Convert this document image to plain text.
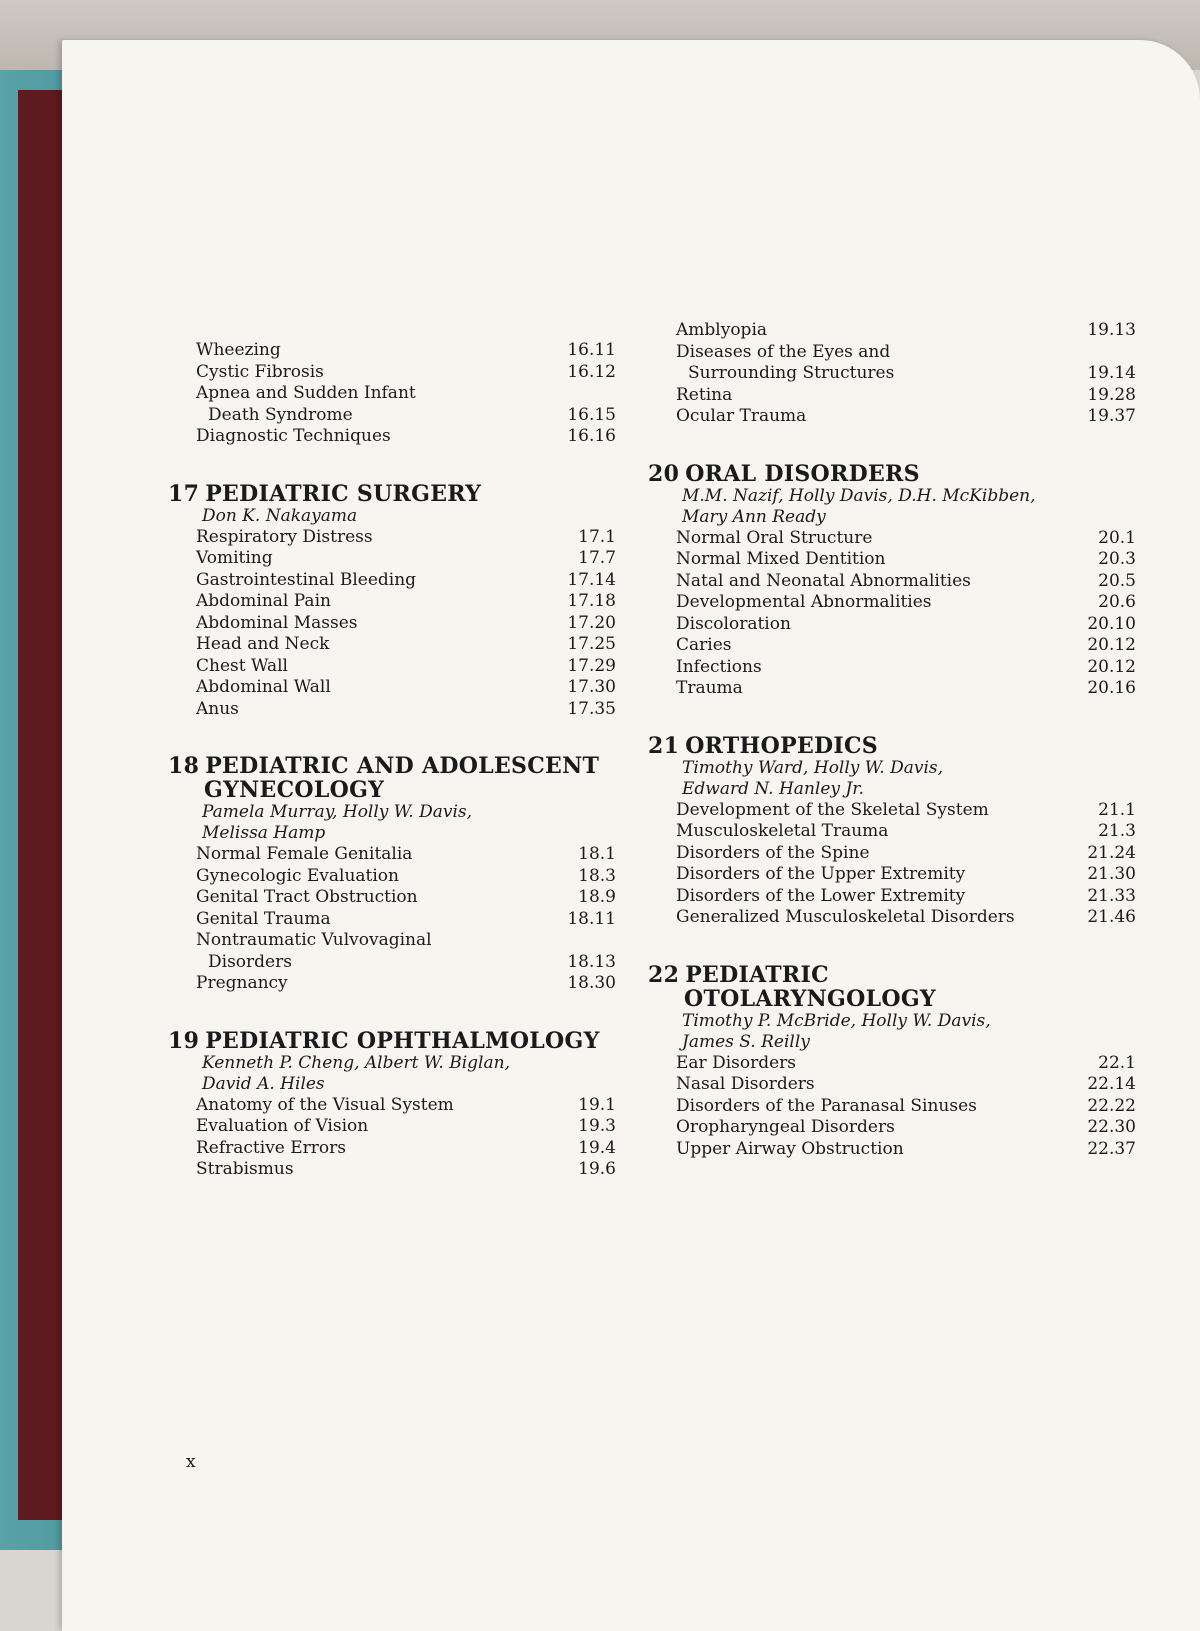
Wheezing	16.11
Cystic Fibrosis	16.12
Apnea and Sudden Infant
Death Syndrome	16.15
Diagnostic Techniques	16.16
17 PEDIATRIC SURGERY
Don K. Nakayama
Respiratory Distress	17.1
Vomiting	17.7
Gastrointestinal Bleeding	17.14
Abdominal Pain	17.18
Abdominal Masses	17.20
Head and Neck	17.25
Chest Wall	17.29
Abdominal Wall	17.30
Anus	17.35
18 PEDIATRIC AND ADOLESCENT
GYNECOLOGY
Pamela Murray, Holly W. Davis,
Melissa Hamp
Normal Female Genitalia	18.1
Gynecologic Evaluation	18.3
Genital Tract Obstruction	18.9
Genital Trauma	18.11
Nontraumatic Vulvovaginal
Disorders	18.13
Pregnancy	18.30
19 PEDIATRIC OPHTHALMOLOGY
Kenneth P. Cheng, Albert W. Biglan,
David A. Hiles
Anatomy of the Visual System	19.1
Evaluation of Vision	19.3
Refractive Errors	19.4
Strabismus	19.6
Amblyopia	19.13
Diseases of the Eyes and
Surrounding Structures	19.14
Retina	19.28
Ocular Trauma	19.37
20 ORAL DISORDERS
M.M. Nazif, Holly Davis, D.H. McKibben,
Mary Ann Ready
Normal Oral Structure	20.1
Normal Mixed Dentition	20.3
Natal and Neonatal Abnormalities	20.5
Developmental Abnormalities	20.6
Discoloration	20.10
Caries	20.12
Infections	20.12
Trauma	20.16
21 ORTHOPEDICS
Timothy Ward, Holly W. Davis,
Edward N. Hanley Jr.
Development of the Skeletal System	21.1
Musculoskeletal Trauma	21.3
Disorders of the Spine	21.24
Disorders of the Upper Extremity	21.30
Disorders of the Lower Extremity	21.33
Generalized Musculoskeletal Disorders	21.46
22 PEDIATRIC
OTOLARYNGOLOGY
Timothy P. McBride, Holly W. Davis,
James S. Reilly
Ear Disorders	22.1
Nasal Disorders	22.14
Disorders of the Paranasal Sinuses	22.22
Oropharyngeal Disorders	22.30
Upper Airway Obstruction	22.37
x
